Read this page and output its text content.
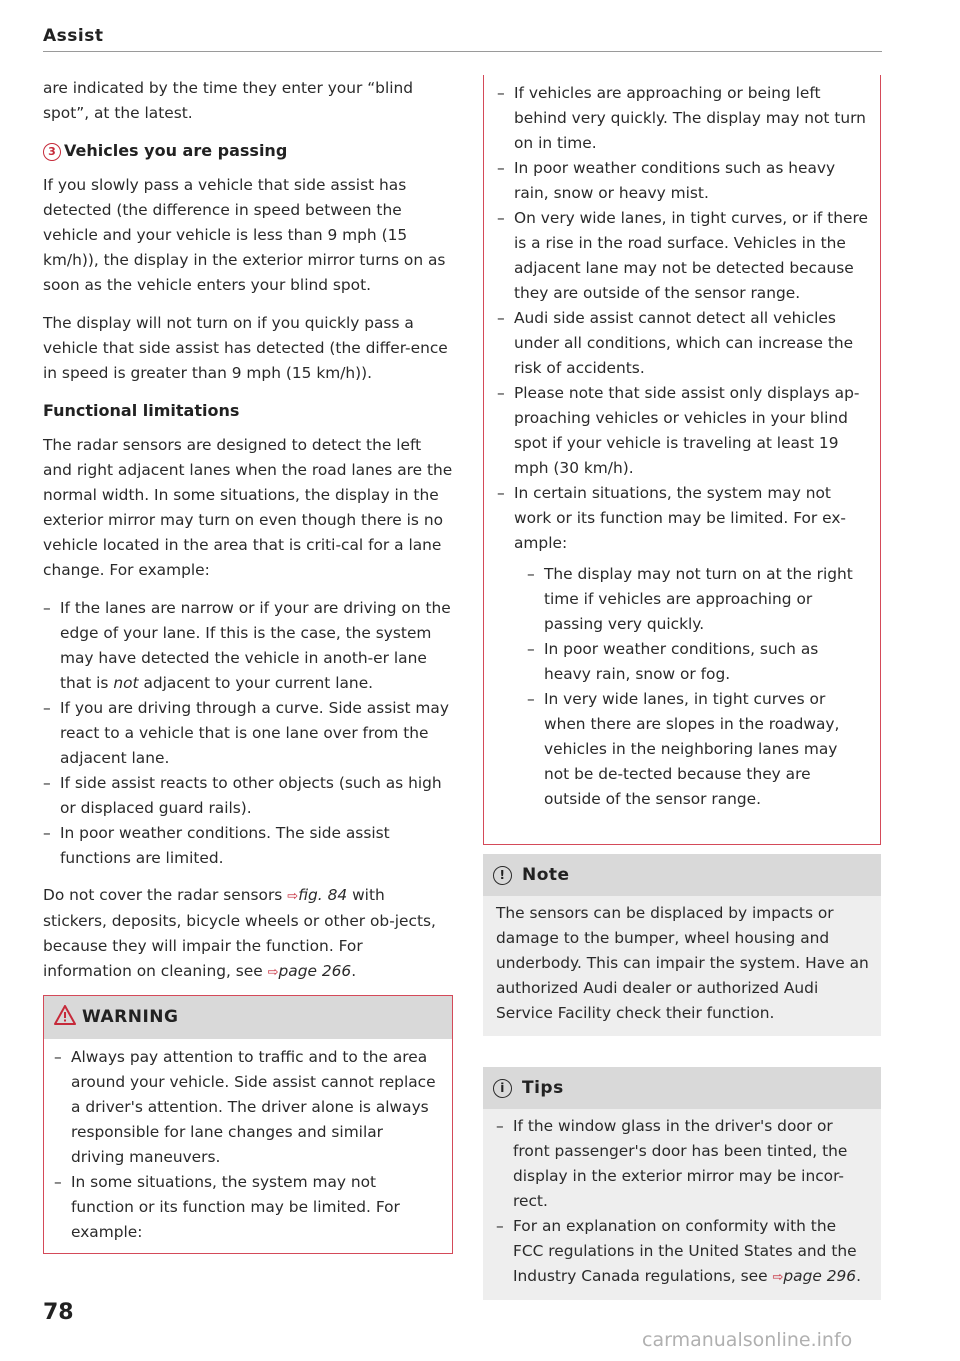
Assist

are indicated by the time they enter your “blind spot”, at the latest.

3 Vehicles you are passing

If you slowly pass a vehicle that side assist has detected (the difference in speed between the vehicle and your vehicle is less than 9 mph (15 km/h)), the display in the exterior mirror turns on as soon as the vehicle enters your blind spot.

The display will not turn on if you quickly pass a vehicle that side assist has detected (the differ-ence in speed is greater than 9 mph (15 km/h)).

Functional limitations

The radar sensors are designed to detect the left and right adjacent lanes when the road lanes are the normal width. In some situations, the display in the exterior mirror may turn on even though there is no vehicle located in the area that is criti-cal for a lane change. For example:

– If the lanes are narrow or if your are driving on the edge of your lane. If this is the case, the system may have detected the vehicle in anoth-er lane that is not adjacent to your current lane.
– If you are driving through a curve. Side assist may react to a vehicle that is one lane over from the adjacent lane.
– If side assist reacts to other objects (such as high or displaced guard rails).
– In poor weather conditions. The side assist functions are limited.

Do not cover the radar sensors ⇨fig. 84 with stickers, deposits, bicycle wheels or other ob-jects, because they will impair the function. For information on cleaning, see ⇨page 266.

WARNING
– Always pay attention to traffic and to the area around your vehicle. Side assist cannot replace a driver's attention. The driver alone is always responsible for lane changes and similar driving maneuvers.
– In some situations, the system may not function or its function may be limited. For example:
– If vehicles are approaching or being left behind very quickly. The display may not turn on in time.
– In poor weather conditions such as heavy rain, snow or heavy mist.
– On very wide lanes, in tight curves, or if there is a rise in the road surface. Vehicles in the adjacent lane may not be detected because they are outside of the sensor range.
– Audi side assist cannot detect all vehicles under all conditions, which can increase the risk of accidents.
– Please note that side assist only displays ap-proaching vehicles or vehicles in your blind spot if your vehicle is traveling at least 19 mph (30 km/h).
– In certain situations, the system may not work or its function may be limited. For ex-ample:
– The display may not turn on at the right time if vehicles are approaching or passing very quickly.
– In poor weather conditions, such as heavy rain, snow or fog.
– In very wide lanes, in tight curves or when there are slopes in the roadway, vehicles in the neighboring lanes may not be de-tected because they are outside of the sensor range.
! Note
The sensors can be displaced by impacts or damage to the bumper, wheel housing and underbody. This can impair the system. Have an authorized Audi dealer or authorized Audi Service Facility check their function.
i Tips
– If the window glass in the driver's door or front passenger's door has been tinted, the display in the exterior mirror may be incor-rect.
– For an explanation on conformity with the FCC regulations in the United States and the Industry Canada regulations, see ⇨page 296.
78
carmanualsonline.info
